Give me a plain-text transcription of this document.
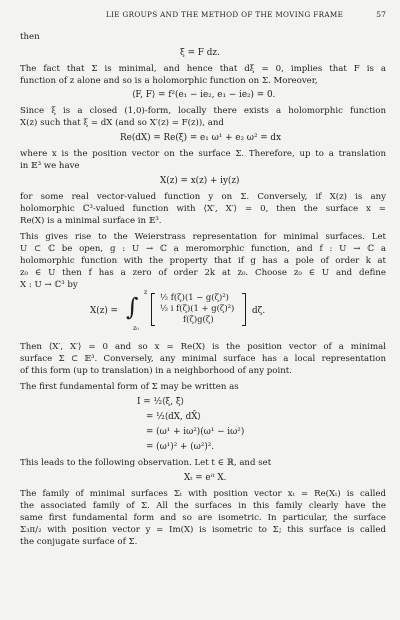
LIE GROUPS AND THE METHOD OF THE MOVING FRAME	57
then
ξ = F dz.
The fact that Σ is minimal, and hence that dξ = 0, implies that F is a
function of z alone and so is a holomorphic function on Σ. Moreover,
⟨F, F⟩ = f²(e₁ − ie₂, e₁ − ie₂) = 0.
Since ξ is a closed (1,0)-form, locally there exists a holomorphic function
X(z) such that ξ = dX (and so X′(z) = F(z)), and
Re(dX) = Re(ξ) = e₁ ω¹ + e₂ ω² = dx
where x is the position vector on the surface Σ. Therefore, up to a translation
in 𝔼³ we have
X(z) = x(z) + iy(z)
for some real vector-valued function y on Σ. Conversely, if X(z) is any
holomorphic ℂ³-valued function with ⟨X′, X′⟩ = 0, then the surface x =
Re(X) is a minimal surface in 𝔼³.
This gives rise to the Weierstrass representation for minimal surfaces. Let
U ⊂ ℂ be open, g : U → ℂ a meromorphic function, and f : U → ℂ a
holomorphic function with the property that if g has a pole of order k at
z₀ ∈ U then f has a zero of order 2k at z₀. Choose z₀ ∈ U and define
X : U → ℂ³ by
X(z) =
z
∫
z₀
½ f(ζ)(1 − g(ζ)²)
½ i f(ζ)(1 + g(ζ)²)
f(ζ)g(ζ)
dζ.
Then ⟨X′, X′⟩ = 0 and so x = Re(X) is the position vector of a minimal
surface Σ ⊂ 𝔼³. Conversely, any minimal surface has a local representation
of this form (up to translation) in a neighborhood of any point.
The first fundamental form of Σ may be written as
I = ½⟨ξ, ξ̄⟩
= ½⟨dX, dX̄⟩
= (ω¹ + iω²)(ω¹ − iω²)
= (ω¹)² + (ω²)².
This leads to the following observation. Let t ∈ ℝ, and set
Xₜ = eⁱᵗ X.
The family of minimal surfaces Σₜ with position vector xₜ = Re(Xₜ) is called
the associated family of Σ. All the surfaces in this family clearly have the
same first fundamental form and so are isometric. In particular, the surface
Σ₃π/₂ with position vector y = Im(X) is isometric to Σ; this surface is called
the conjugate surface of Σ.
